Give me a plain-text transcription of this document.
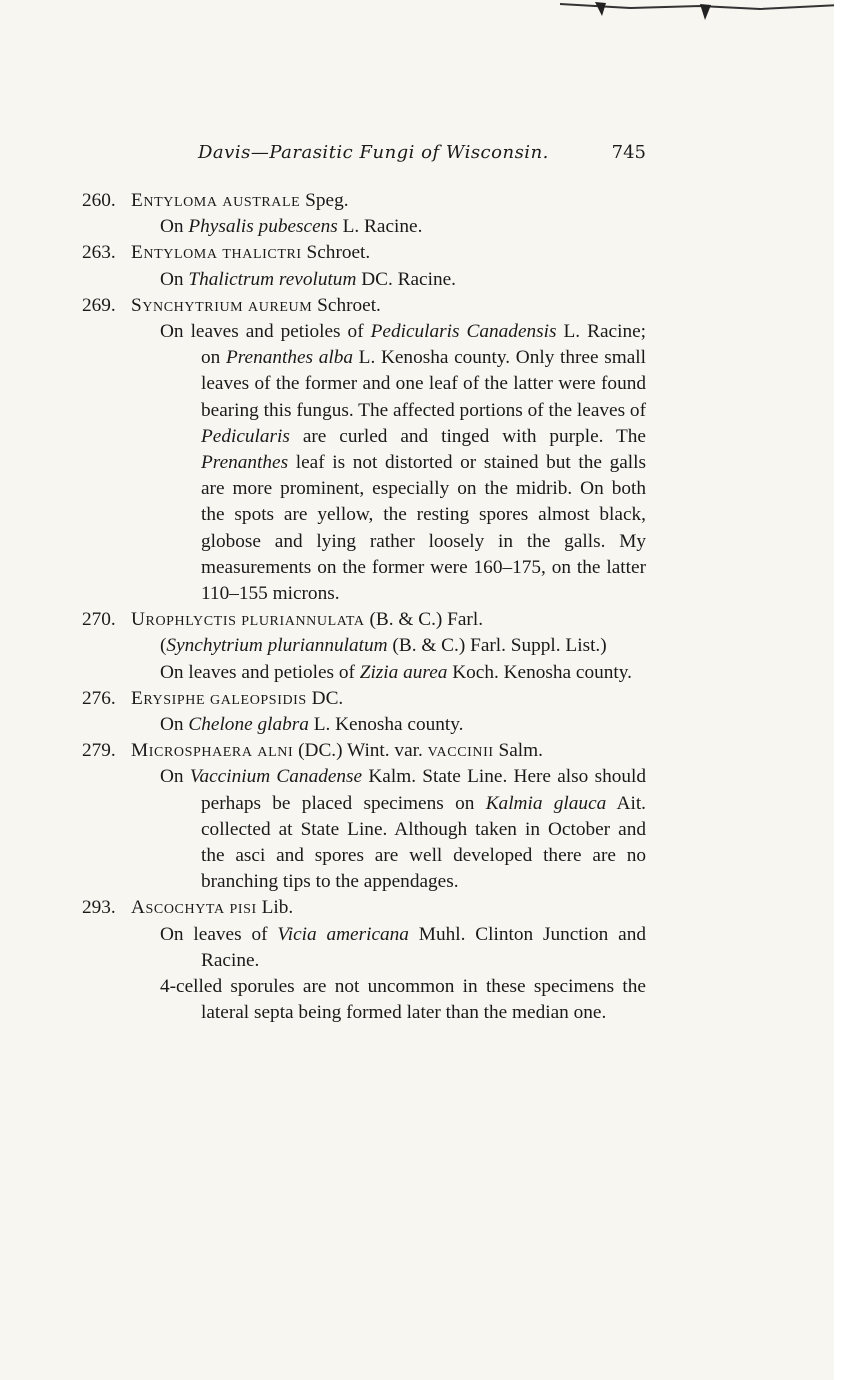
Davis—Parasitic Fungi of Wisconsin.	745
260. Entyloma australe Speg.

On Physalis pubescens L. Racine.

263. Entyloma thalictri Schroet.

On Thalictrum revolutum DC. Racine.

269. Synchytrium aureum Schroet.

On leaves and petioles of Pedicularis Canadensis L. Racine; on Prenanthes alba L. Kenosha county. Only three small leaves of the former and one leaf of the latter were found bearing this fungus. The affected portions of the leaves of Pedicularis are curled and tinged with purple. The Prenanthes leaf is not distorted or stained but the galls are more prominent, especially on the midrib. On both the spots are yellow, the resting spores almost black, globose and lying rather loosely in the galls. My measurements on the former were 160–175, on the latter 110–155 microns.

270. Urophlyctis pluriannulata (B. & C.) Farl.

(Synchytrium pluriannulatum (B. & C.) Farl. Suppl. List.)

On leaves and petioles of Zizia aurea Koch. Kenosha county.

276. Erysiphe galeopsidis DC.

On Chelone glabra L. Kenosha county.

279. Microsphaera alni (DC.) Wint. var. vaccinii Salm.

On Vaccinium Canadense Kalm. State Line. Here also should perhaps be placed specimens on Kalmia glauca Ait. collected at State Line. Although taken in October and the asci and spores are well developed there are no branching tips to the appendages.

293. Ascochyta pisi Lib.

On leaves of Vicia americana Muhl. Clinton Junction and Racine.

4-celled sporules are not uncommon in these specimens the lateral septa being formed later than the median one.
